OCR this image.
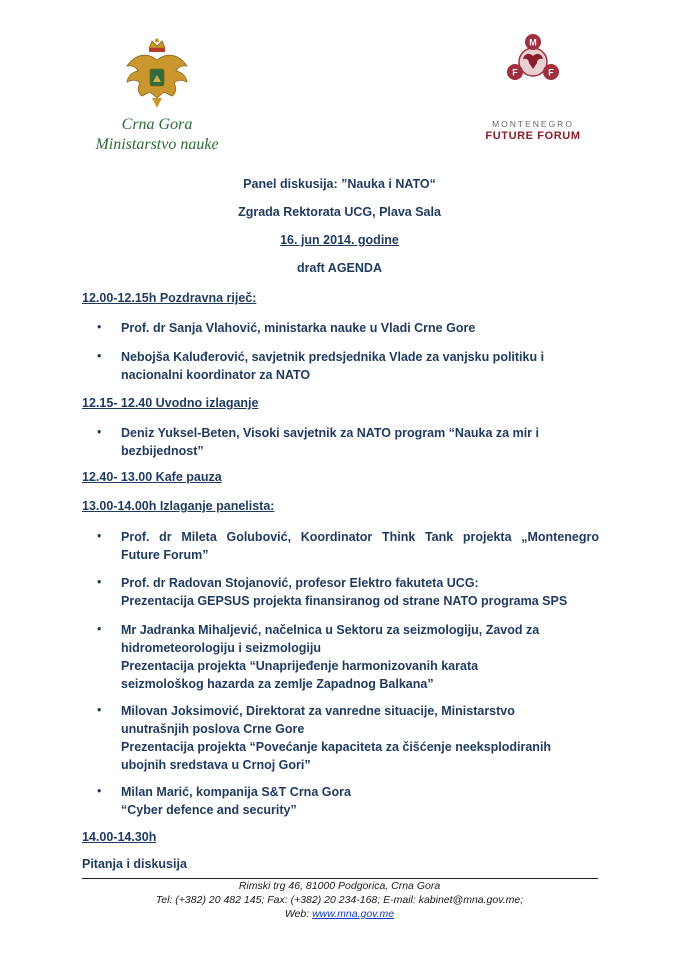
Crna Gora
Ministarstvo nauke
M
F	F
MONTENEGRO
FUTURE FORUM
Panel diskusija: ”Nauka i NATO“
Zgrada Rektorata UCG, Plava Sala
16. jun 2014. godine
draft AGENDA
12.00-12.15h Pozdravna riječ:
• Prof. dr Sanja Vlahović, ministarka nauke u Vladi Crne Gore
• Nebojša Kaluđerović, savjetnik predsjednika Vlade za vanjsku politiku i
nacionalni koordinator za NATO
12.15- 12.40 Uvodno izlaganje
• Deniz Yuksel-Beten, Visoki savjetnik za NATO program “Nauka za mir i
bezbijednost”
12.40- 13.00 Kafe pauza
13.00-14.00h Izlaganje panelista:
• Prof. dr Mileta Golubović, Koordinator Think Tank projekta „Montenegro
Future Forum”
• Prof. dr Radovan Stojanović, profesor Elektro fakuteta UCG:
Prezentacija GEPSUS projekta finansiranog od strane NATO programa SPS
• Mr Jadranka Mihaljević, načelnica u Sektoru za seizmologiju, Zavod za
hidrometeorologiju i seizmologiju
Prezentacija projekta “Unaprijeđenje harmonizovanih karata
seizmološkog hazarda za zemlje Zapadnog Balkana”
• Milovan Joksimović, Direktorat za vanredne situacije, Ministarstvo
unutrašnjih poslova Crne Gore
Prezentacija projekta “Povećanje kapaciteta za čišćenje neeksplodiranih
ubojnih sredstava u Crnoj Gori”
• Milan Marić, kompanija S&T Crna Gora
“Cyber defence and security”
14.00-14.30h
Pitanja i diskusija
Rimski trg 46, 81000 Podgorica, Crna Gora
Tel: (+382) 20 482 145; Fax: (+382) 20 234-168; E-mail: kabinet@mna.gov.me;
Web: www.mna.gov.me
